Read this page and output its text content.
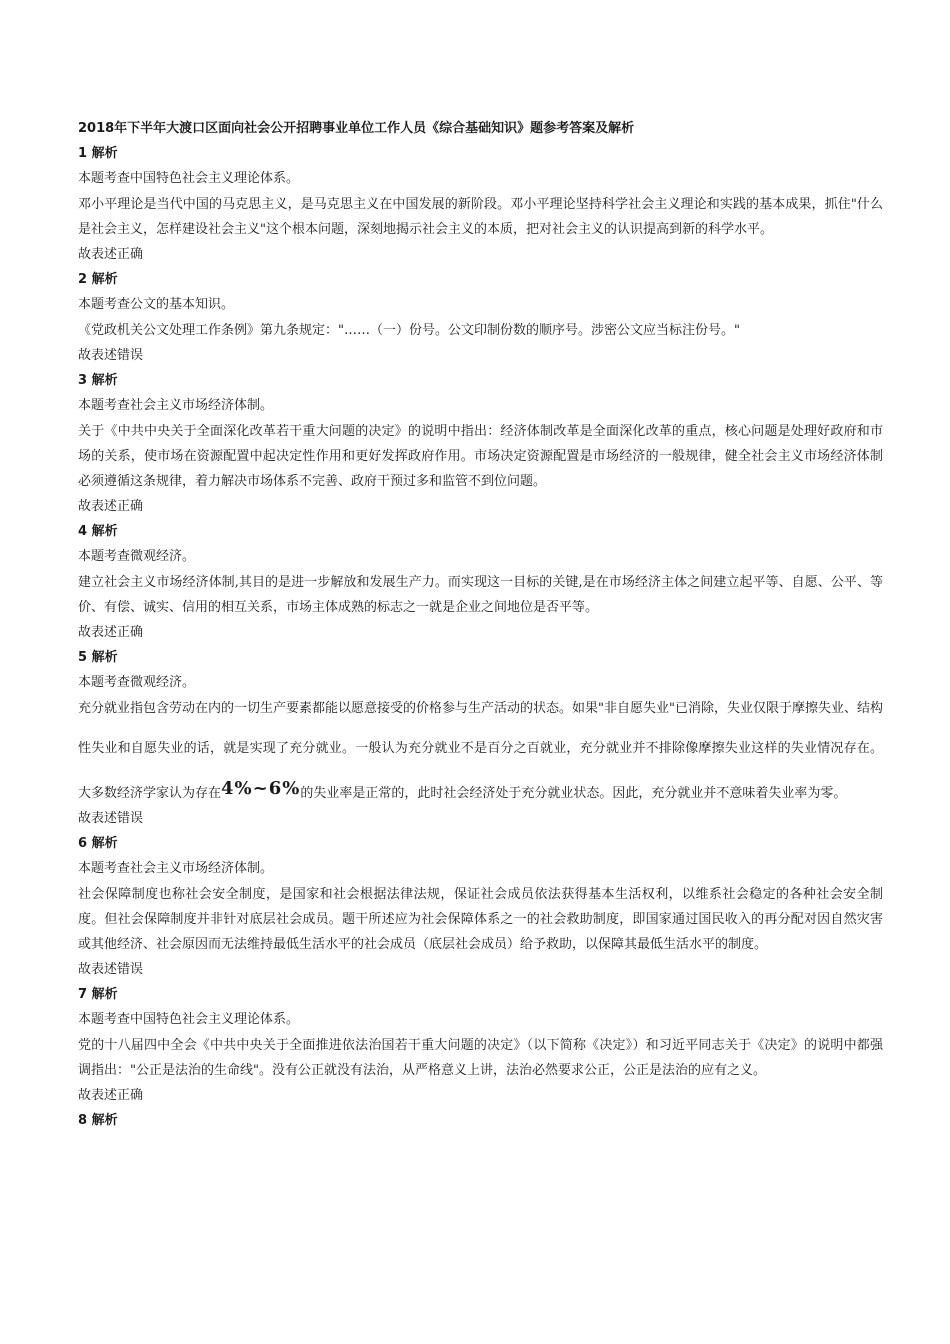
2018年下半年大渡口区面向社会公开招聘事业单位工作人员《综合基础知识》题参考答案及解析
1 解析
本题考查中国特色社会主义理论体系。
邓小平理论是当代中国的马克思主义，是马克思主义在中国发展的新阶段。邓小平理论坚持科学社会主义理论和实践的基本成果，抓住"什么是社会主义，怎样建设社会主义"这个根本问题，深刻地揭示社会主义的本质，把对社会主义的认识提高到新的科学水平。
故表述正确
2 解析
本题考查公文的基本知识。
《党政机关公文处理工作条例》第九条规定："……（一）份号。公文印制份数的顺序号。涉密公文应当标注份号。"
故表述错误
3 解析
本题考查社会主义市场经济体制。
关于《中共中央关于全面深化改革若干重大问题的决定》的说明中指出：经济体制改革是全面深化改革的重点，核心问题是处理好政府和市场的关系，使市场在资源配置中起决定性作用和更好发挥政府作用。市场决定资源配置是市场经济的一般规律，健全社会主义市场经济体制必须遵循这条规律，着力解决市场体系不完善、政府干预过多和监管不到位问题。
故表述正确
4 解析
本题考查微观经济。
建立社会主义市场经济体制,其目的是进一步解放和发展生产力。而实现这一目标的关键,是在市场经济主体之间建立起平等、自愿、公平、等价、有偿、诚实、信用的相互关系，市场主体成熟的标志之一就是企业之间地位是否平等。
故表述正确
5 解析
本题考查微观经济。
充分就业指包含劳动在内的一切生产要素都能以愿意接受的价格参与生产活动的状态。如果"非自愿失业"已消除，失业仅限于摩擦失业、结构性失业和自愿失业的话，就是实现了充分就业。一般认为充分就业不是百分之百就业，充分就业并不排除像摩擦失业这样的失业情况存在。大多数经济学家认为存在4%~6%的失业率是正常的，此时社会经济处于充分就业状态。因此，充分就业并不意味着失业率为零。
故表述错误
6 解析
本题考查社会主义市场经济体制。
社会保障制度也称社会安全制度，是国家和社会根据法律法规，保证社会成员依法获得基本生活权利，以维系社会稳定的各种社会安全制度。但社会保障制度并非针对底层社会成员。题干所述应为社会保障体系之一的社会救助制度，即国家通过国民收入的再分配对因自然灾害或其他经济、社会原因而无法维持最低生活水平的社会成员（底层社会成员）给予救助，以保障其最低生活水平的制度。
故表述错误
7 解析
本题考查中国特色社会主义理论体系。
党的十八届四中全会《中共中央关于全面推进依法治国若干重大问题的决定》（以下简称《决定》）和习近平同志关于《决定》的说明中都强调指出："公正是法治的生命线"。没有公正就没有法治，从严格意义上讲，法治必然要求公正，公正是法治的应有之义。
故表述正确
8 解析
